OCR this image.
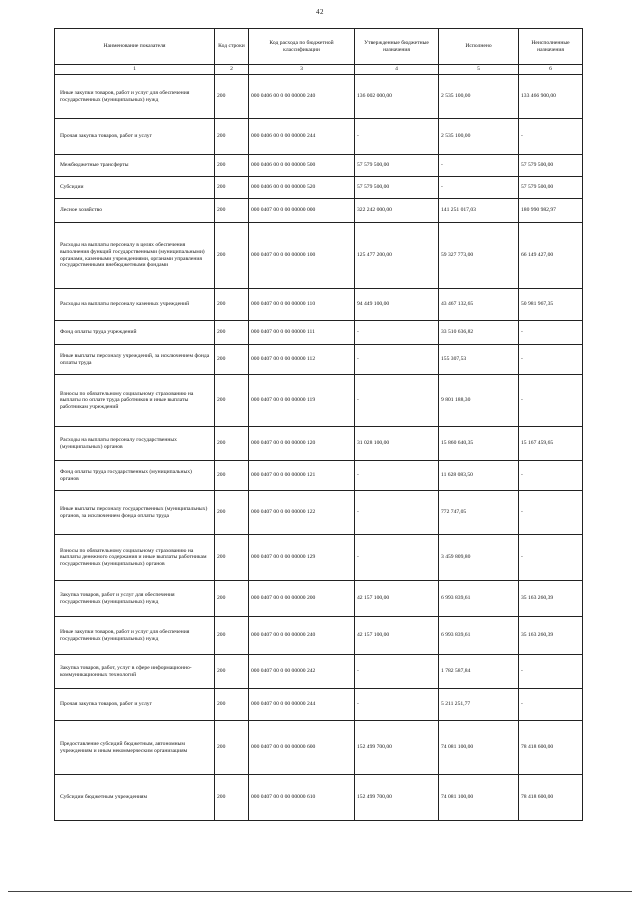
42
Наименование показателя	Код строки	Код расхода по бюджетной классификации	Утвержденные бюджетные назначения	Исполнено	Неисполненные назначения
1	2	3	4	5	6
Иные закупки товаров, работ и услуг для обеспечения государственных (муниципальных) нужд	200	000 0406 00 0 00 00000 240	136 002 000,00	2 535 100,00	133 466 900,00
Прочая закупка товаров, работ и услуг	200	000 0406 00 0 00 00000 244	-	2 535 100,00	-
Межбюджетные трансферты	200	000 0406 00 0 00 00000 500	57 579 500,00	-	57 579 500,00
Субсидии	200	000 0406 00 0 00 00000 520	57 579 500,00	-	57 579 500,00
Лесное хозяйство	200	000 0407 00 0 00 00000 000	322 242 000,00	141 251 017,03	180 990 982,97
Расходы на выплаты персоналу в целях обеспечения выполнения функций государственными (муниципальными) органами, казенными учреждениями, органами управления государственными внебюджетными фондами	200	000 0407 00 0 00 00000 100	125 477 200,00	59 327 773,00	66 149 427,00
Расходы на выплаты персоналу казенных учреждений	200	000 0407 00 0 00 00000 110	94 449 100,00	43 467 132,65	50 981 967,35
Фонд оплаты труда учреждений	200	000 0407 00 0 00 00000 111	-	33 510 636,82	-
Иные выплаты персоналу учреждений, за исключением фонда оплаты труда	200	000 0407 00 0 00 00000 112	-	155 307,53	-
Взносы по обязательному социальному страхованию на выплаты по оплате труда работников и иные выплаты работникам учреждений	200	000 0407 00 0 00 00000 119	-	9 801 188,30	-
Расходы на выплаты персоналу государственных (муниципальных) органов	200	000 0407 00 0 00 00000 120	31 028 100,00	15 860 640,35	15 167 459,65
Фонд оплаты труда государственных (муниципальных) органов	200	000 0407 00 0 00 00000 121	-	11 628 083,50	-
Иные выплаты персоналу государственных (муниципальных) органов, за исключением фонда оплаты труда	200	000 0407 00 0 00 00000 122	-	772 747,05	-
Взносы по обязательному социальному страхованию на выплаты денежного содержания и иные выплаты работникам государственных (муниципальных) органов	200	000 0407 00 0 00 00000 129	-	3 459 809,80	-
Закупка товаров, работ и услуг для обеспечения государственных (муниципальных) нужд	200	000 0407 00 0 00 00000 200	42 157 100,00	6 993 839,61	35 163 260,39
Иные закупки товаров, работ и услуг для обеспечения государственных (муниципальных) нужд	200	000 0407 00 0 00 00000 240	42 157 100,00	6 993 839,61	35 163 260,39
Закупка товаров, работ, услуг в сфере информационно-коммуникационных технологий	200	000 0407 00 0 00 00000 242	-	1 782 587,84	-
Прочая закупка товаров, работ и услуг	200	000 0407 00 0 00 00000 244	-	5 211 251,77	-
Предоставление субсидий бюджетным, автономным учреждениям и иным некоммерческим организациям	200	000 0407 00 0 00 00000 600	152 499 700,00	74 081 100,00	78 418 600,00
Субсидии бюджетным учреждениям	200	000 0407 00 0 00 00000 610	152 499 700,00	74 081 100,00	78 418 600,00
